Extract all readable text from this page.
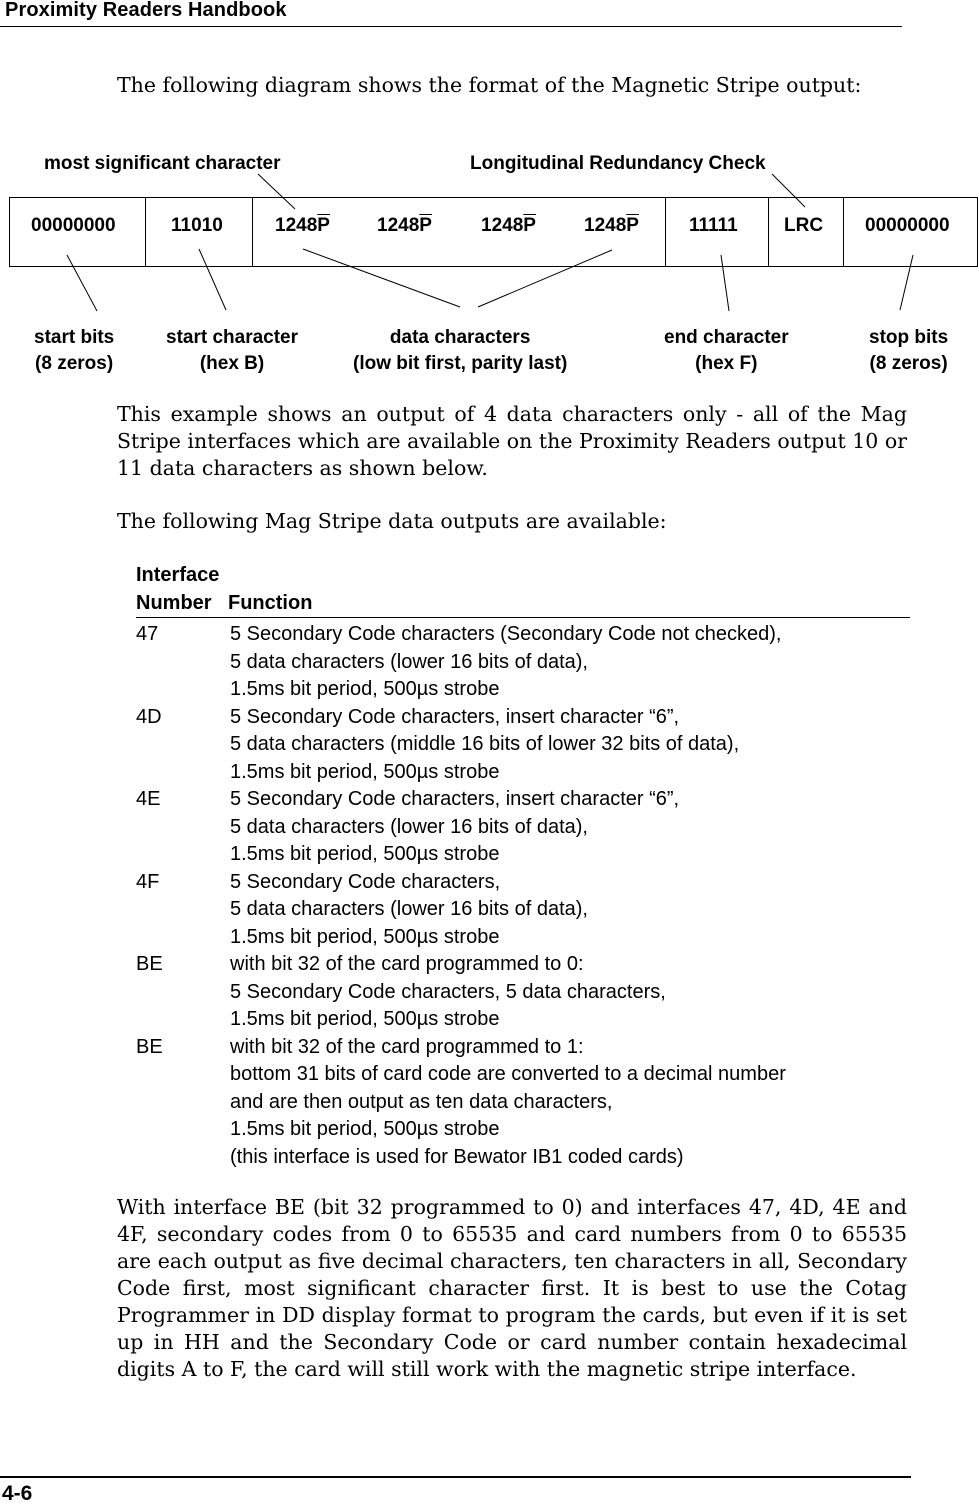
Proximity Readers Handbook

The following diagram shows the format of the Magnetic Stripe output:

most significant character	Longitudinal Redundancy Check
00000000	11010	$1248\overline{P}$ $1248\overline{P}$	$1248\overline{P}$	$1248\overline{P}$	11111 LRC 00000000
start bits
(8 zeros)
start character
(hex B)
data characters
(low bit first, parity last)
end character
(hex F)
stop bits
(8 zeros)

This example shows an output of 4 data characters only - all of the Mag Stripe interfaces which are available on the Proximity Readers output 10 or 11 data characters as shown below.

The following Mag Stripe data outputs are available:

Interface
Number Function
47	5 Secondary Code characters (Secondary Code not checked),
5 data characters (lower 16 bits of data),
1.5ms bit period, 500µs strobe
4D	5 Secondary Code characters, insert character “6”,
5 data characters (middle 16 bits of lower 32 bits of data),
1.5ms bit period, 500µs strobe
4E	5 Secondary Code characters, insert character “6”,
5 data characters (lower 16 bits of data),
1.5ms bit period, 500µs strobe
4F	5 Secondary Code characters,
5 data characters (lower 16 bits of data),
1.5ms bit period, 500µs strobe
BE	with bit 32 of the card programmed to 0:
5 Secondary Code characters, 5 data characters,
1.5ms bit period, 500µs strobe
BE	with bit 32 of the card programmed to 1:
bottom 31 bits of card code are converted to a decimal number
and are then output as ten data characters,
1.5ms bit period, 500µs strobe
(this interface is used for Bewator IB1 coded cards)

With interface BE (bit 32 programmed to 0) and interfaces 47, 4D, 4E and 4F, secondary codes from 0 to 65535 and card numbers from 0 to 65535 are each output as five decimal characters, ten characters in all, Secondary Code first, most significant character first. It is best to use the Cotag Programmer in DD display format to program the cards, but even if it is set up in HH and the Secondary Code or card number contain hexadecimal digits A to F, the card will still work with the magnetic stripe interface.

4-6
